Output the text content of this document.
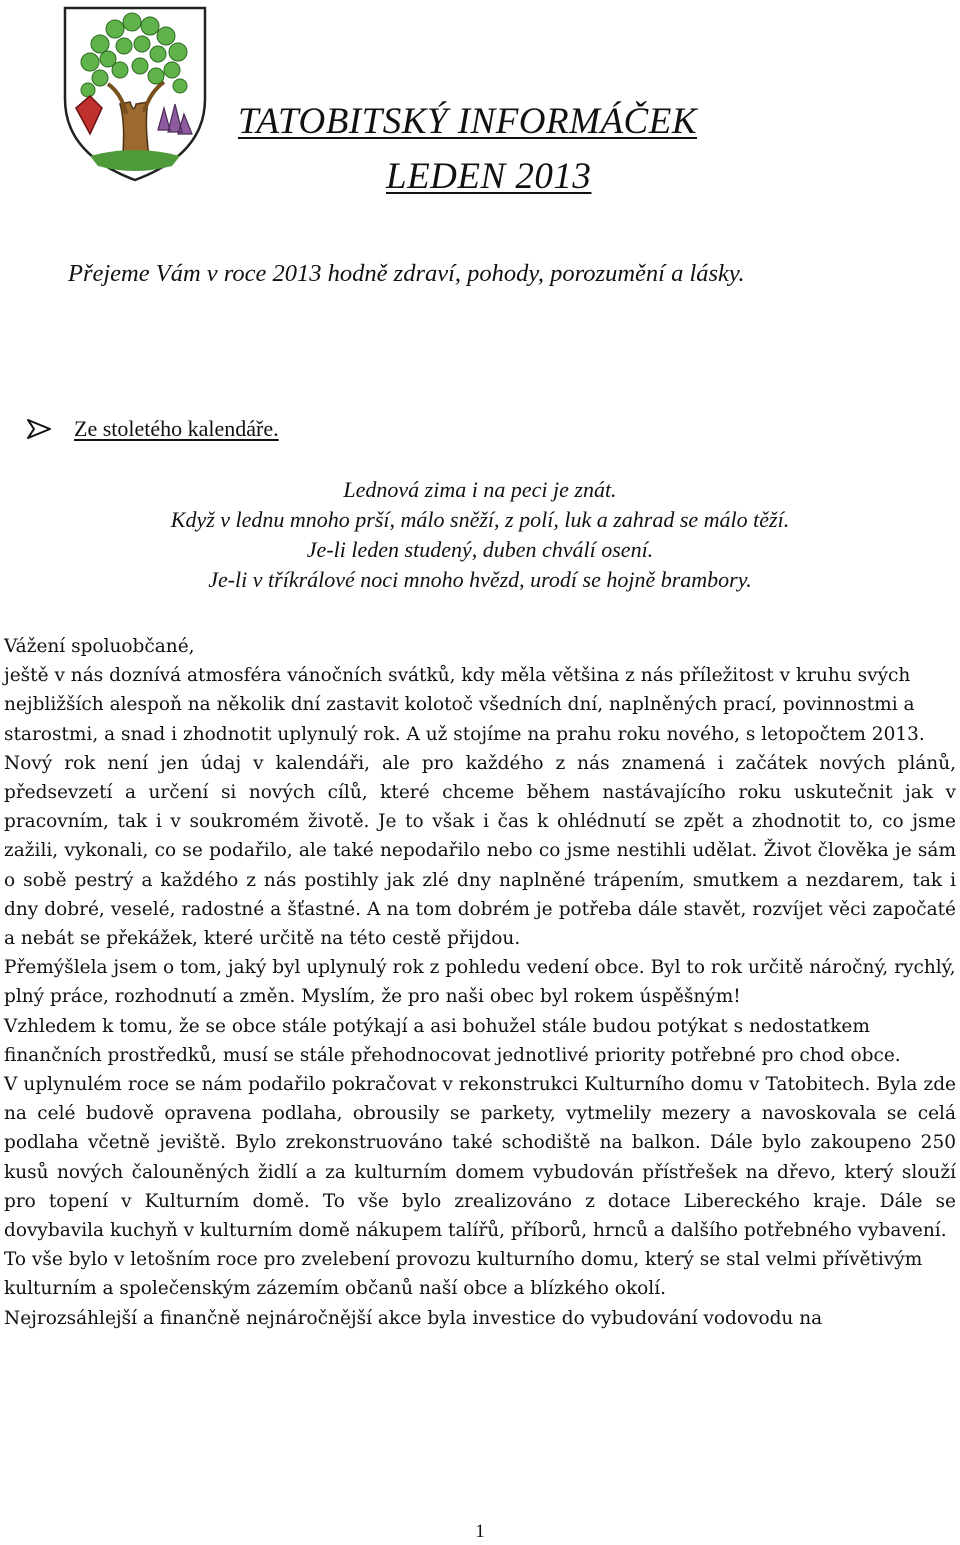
TATOBITSKÝ INFORMÁČEK
LEDEN 2013
Přejeme Vám v roce 2013 hodně zdraví, pohody, porozumění a lásky.
Ze stoletého kalendáře.
Lednová zima i na peci je znát.
Když v lednu mnoho prší, málo sněží, z polí, luk a zahrad se málo těží.
Je-li leden studený, duben chválí osení.
Je-li v tříkrálové noci mnoho hvězd, urodí se hojně brambory.

Vážení spoluobčané,

ještě v nás doznívá atmosféra vánočních svátků, kdy měla většina z nás příležitost v kruhu svých nejbližších alespoň na několik dní zastavit kolotoč všedních dní, naplněných prací, povinnostmi a starostmi, a snad i zhodnotit uplynulý rok. A už stojíme na prahu roku nového, s letopočtem 2013.

Nový rok není jen údaj v kalendáři, ale pro každého z nás znamená i začátek nových plánů, předsevzetí a určení si nových cílů, které chceme během nastávajícího roku uskutečnit jak v pracovním, tak i v soukromém životě. Je to však i čas k ohlédnutí se zpět a zhodnotit to, co jsme zažili, vykonali, co se podařilo, ale také nepodařilo nebo co jsme nestihli udělat. Život člověka je sám o sobě pestrý a každého z nás postihly jak zlé dny naplněné trápením, smutkem a nezdarem, tak i dny dobré, veselé, radostné a šťastné. A na tom dobrém je potřeba dále stavět, rozvíjet věci započaté a nebát se překážek, které určitě na této cestě přijdou.

Přemýšlela jsem o tom, jaký byl uplynulý rok z pohledu vedení obce. Byl to rok určitě náročný, rychlý, plný práce, rozhodnutí a změn. Myslím, že pro naši obec byl rokem úspěšným!

Vzhledem k tomu, že se obce stále potýkají a asi bohužel stále budou potýkat s nedostatkem finančních prostředků, musí se stále přehodnocovat jednotlivé priority potřebné pro chod obce.

V uplynulém roce se nám podařilo pokračovat v rekonstrukci Kulturního domu v Tatobitech. Byla zde na celé budově opravena podlaha, obrousily se parkety, vytmelily mezery a navoskovala se celá podlaha včetně jeviště. Bylo zrekonstruováno také schodiště na balkon. Dále bylo zakoupeno 250 kusů nových čalouněných židlí a za kulturním domem vybudován přístřešek na dřevo, který slouží pro topení v Kulturním domě. To vše bylo zrealizováno z dotace Libereckého kraje. Dále se dovybavila kuchyň v kulturním domě nákupem talířů, příborů, hrnců a dalšího potřebného vybavení.

To vše bylo v letošním roce pro zvelebení provozu kulturního domu, který se stal velmi přívětivým kulturním a společenským zázemím občanů naší obce a blízkého okolí.

Nejrozsáhlejší a finančně nejnáročnější akce byla investice do vybudování vodovodu na

1
